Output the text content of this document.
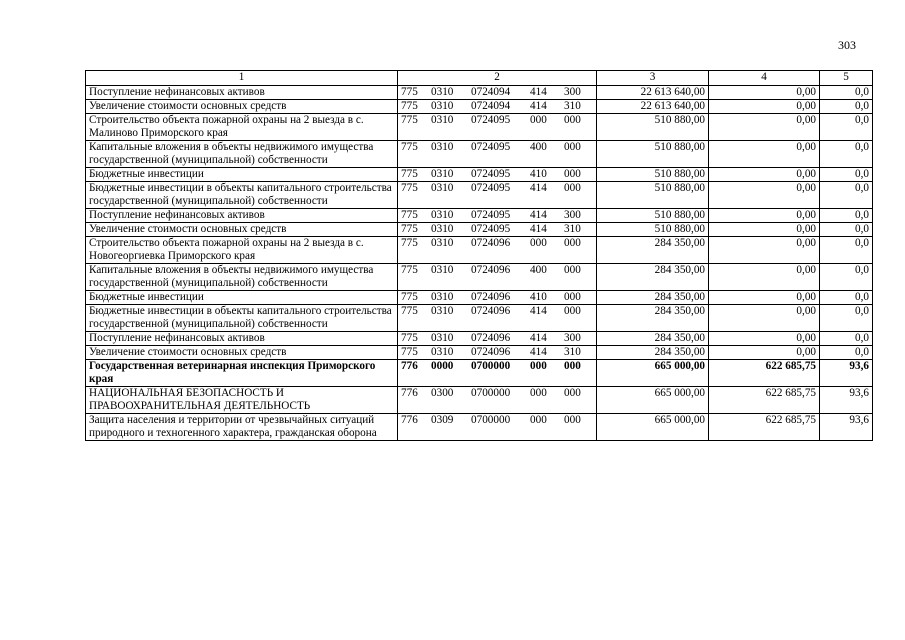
303
1	2	3	4	5
Поступление нефинансовых активов	775 0310 0724094 414 300	22 613 640,00	0,00	0,0
Увеличение стоимости основных средств	775 0310 0724094 414 310	22 613 640,00	0,00	0,0
Строительство объекта пожарной охраны на 2 выезда в с. Малиново Приморского края	775 0310 0724095 000 000	510 880,00	0,00	0,0
Капитальные вложения в объекты недвижимого имущества государственной (муниципальной) собственности	775 0310 0724095 400 000	510 880,00	0,00	0,0
Бюджетные инвестиции	775 0310 0724095 410 000	510 880,00	0,00	0,0
Бюджетные инвестиции в объекты капитального строительства государственной (муниципальной) собственности	775 0310 0724095 414 000	510 880,00	0,00	0,0
Поступление нефинансовых активов	775 0310 0724095 414 300	510 880,00	0,00	0,0
Увеличение стоимости основных средств	775 0310 0724095 414 310	510 880,00	0,00	0,0
Строительство объекта пожарной охраны на 2 выезда в с. Новогеоргиевка Приморского края	775 0310 0724096 000 000	284 350,00	0,00	0,0
Капитальные вложения в объекты недвижимого имущества государственной (муниципальной) собственности	775 0310 0724096 400 000	284 350,00	0,00	0,0
Бюджетные инвестиции	775 0310 0724096 410 000	284 350,00	0,00	0,0
Бюджетные инвестиции в объекты капитального строительства государственной (муниципальной) собственности	775 0310 0724096 414 000	284 350,00	0,00	0,0
Поступление нефинансовых активов	775 0310 0724096 414 300	284 350,00	0,00	0,0
Увеличение стоимости основных средств	775 0310 0724096 414 310	284 350,00	0,00	0,0
Государственная ветеринарная инспекция Приморского края	776 0000 0700000 000 000	665 000,00	622 685,75	93,6
НАЦИОНАЛЬНАЯ БЕЗОПАСНОСТЬ И ПРАВООХРАНИТЕЛЬНАЯ ДЕЯТЕЛЬНОСТЬ	776 0300 0700000 000 000	665 000,00	622 685,75	93,6
Защита населения и территории от чрезвычайных ситуаций природного и техногенного характера, гражданская оборона	776 0309 0700000 000 000	665 000,00	622 685,75	93,6
